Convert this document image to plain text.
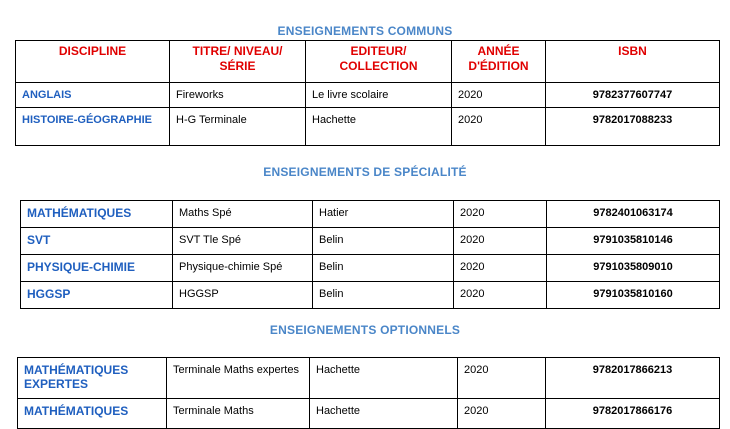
ENSEIGNEMENTS COMMUNS
DISCIPLINE	TITRE/ NIVEAU/ SÉRIE	EDITEUR/ COLLECTION	ANNÉE D'ÉDITION	ISBN
ANGLAIS	Fireworks	Le livre scolaire	2020	9782377607747
HISTOIRE-GÉOGRAPHIE	H-G Terminale	Hachette	2020	9782017088233
ENSEIGNEMENTS DE SPÉCIALITÉ
MATHÉMATIQUES	Maths Spé	Hatier	2020	9782401063174
SVT	SVT Tle Spé	Belin	2020	9791035810146
PHYSIQUE-CHIMIE	Physique-chimie Spé	Belin	2020	9791035809010
HGGSP	HGGSP	Belin	2020	9791035810160
ENSEIGNEMENTS OPTIONNELS
MATHÉMATIQUES EXPERTES	Terminale Maths expertes	Hachette	2020	9782017866213
MATHÉMATIQUES	Terminale Maths	Hachette	2020	9782017866176
